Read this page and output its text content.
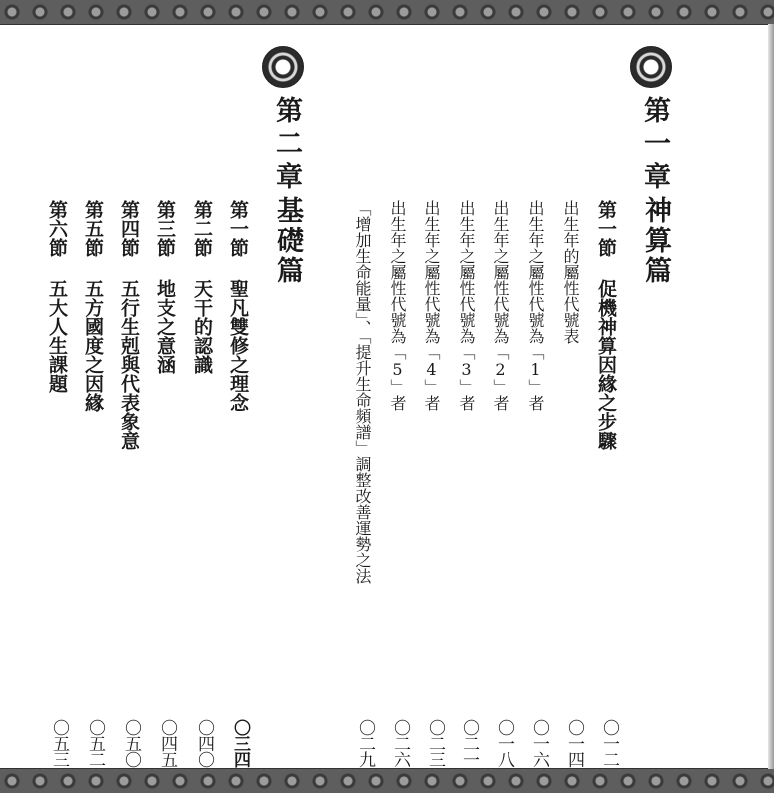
第一章
神算篇
第一節 促機神算因緣之步驟
出生年的屬性代號表
出生年之屬性代號為「1」者
出生年之屬性代號為「2」者
出生年之屬性代號為「3」者
出生年之屬性代號為「4」者
出生年之屬性代號為「5」者
「增加生命能量」、「提升生命頻譜」調整改善運勢之法
〇一二
〇一四
〇一六
〇一八
〇二一
〇二三
〇二六
〇二九
第二章
基礎篇
第一節 聖凡雙修之理念
第二節 天干的認識
第三節 地支之意涵
第四節 五行生剋與代表象意
第五節 五方國度之因緣
第六節 五大人生課題
〇三四
〇四〇
〇四五
〇五〇
〇五二
〇五三
